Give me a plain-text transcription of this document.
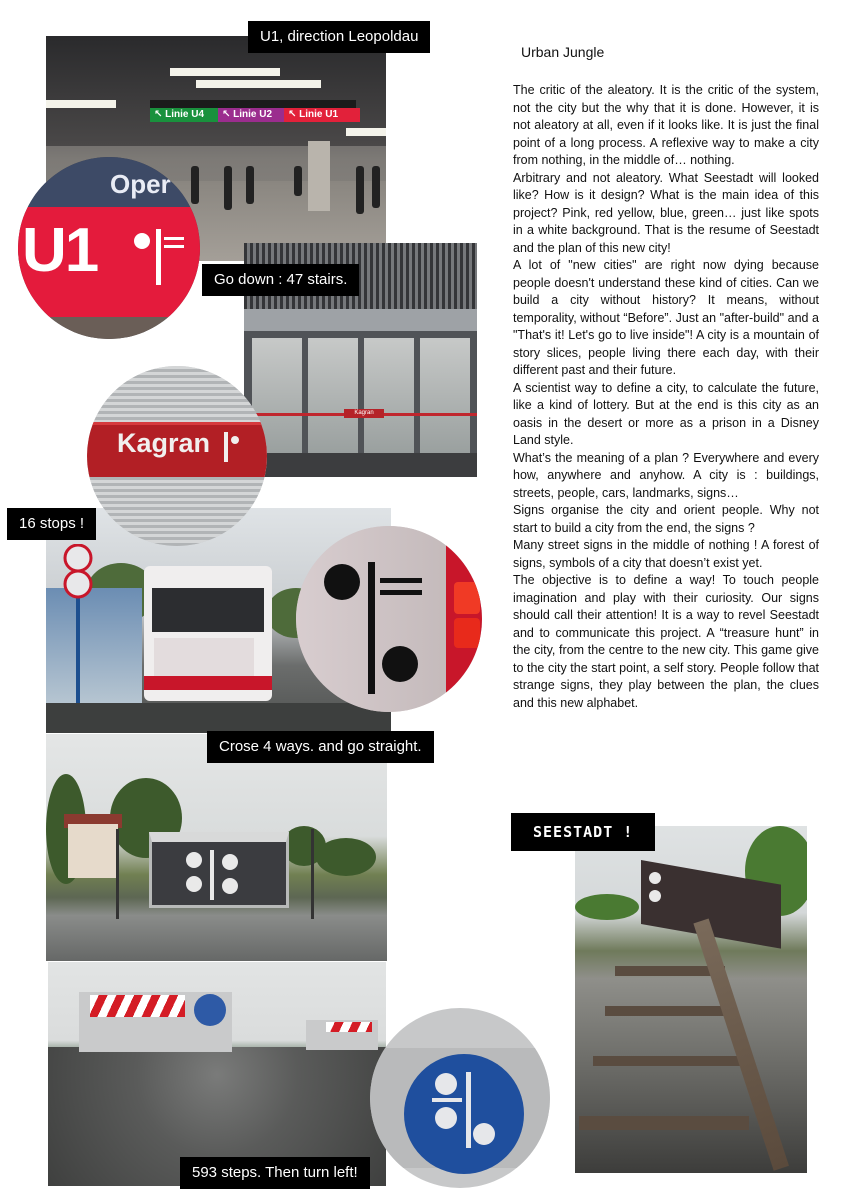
↖ Linie U4	↖ Linie U2	↖ Linie U1
Oper
U1
Kagran
Kagran
U1, direction Leopoldau
Go down : 47 stairs.
16 stops !
Crose 4 ways. and go straight.
593 steps. Then turn left!
SEESTADT !
Urban Jungle

The critic of the aleatory. It is the critic of the system, not the city but the why that it is done. However, it is not aleatory at all, even if it looks like. It is just the final point of a long process. A reflexive way to make a city from nothing, in the middle of… nothing.

Arbitrary and not aleatory. What Seestadt will looked like? How is it design? What is the main idea of this project? Pink, red yellow, blue, green… just like spots in a white background. That is the resume of Seestadt and the plan of this new city!

A lot of "new cities" are right now dying because people doesn't understand these kind of cities. Can we build a city without history? It means, without temporality, without “Before”. Just an "after-build" and a "That's it! Let's go to live inside"! A city is a mountain of story slices, people living there each day, with their different past and their future.

A scientist way to define a city, to calculate the future, like a kind of lottery. But at the end is this city as an oasis in the desert or more as a prison in a Disney Land style.

What’s the meaning of a plan ? Everywhere and every how, anywhere and anyhow. A city is : buildings, streets, people, cars, landmarks, signs…

Signs organise the city and orient people. Why not start to build a city from the end, the signs ?

Many street signs in the middle of nothing ! A forest of signs, symbols of a city that doesn’t exist yet.

The objective is to define a way! To touch people imagination and play with their curiosity. Our signs should call their attention! It is a way to revel Seestadt and to communicate this project. A “treasure hunt” in the city, from the centre to the new city. This game give to the city the start point, a self story. People follow that strange signs, they play between the plan, the clues and this new alphabet.
